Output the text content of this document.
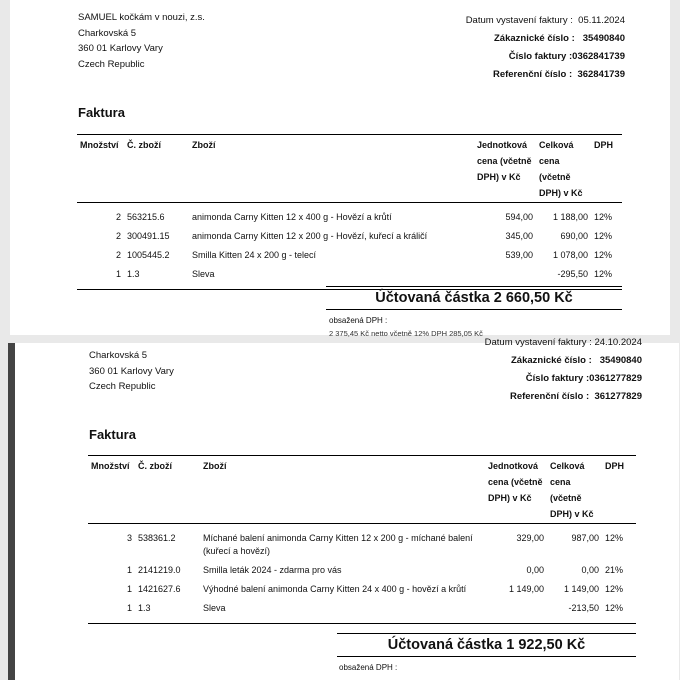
SAMUEL kočkám v nouzi, z.s.
Charkovská 5
360 01 Karlovy Vary
Czech Republic
Datum vystavení faktury : 05.11.2024
Zákaznické číslo : 35490840
Číslo faktury :0362841739
Referenční číslo : 362841739
Faktura
Množství	Č. zboží	Zboží	Jednotková cena (včetně DPH) v Kč	Celková cena (včetně DPH) v Kč	DPH
2	563215.6	animonda Carny Kitten 12 x 400 g - Hovězí a krůtí	594,00	1 188,00	12%
2	300491.15	animonda Carny Kitten 12 x 200 g - Hovězí, kuřecí a králičí	345,00	690,00	12%
2	1005445.2	Smilla Kitten 24 x 200 g - telecí	539,00	1 078,00	12%
1	1.3	Sleva		-295,50	12%
Účtovaná částka 2 660,50 Kč
obsažená DPH :
2 375,45 Kč netto včetně 12% DPH 285,05 Kč
Datum vystavení faktury : 24.10.2024
Zákaznické číslo : 35490840
Číslo faktury :0361277829
Referenční číslo : 361277829
Charkovská 5
360 01 Karlovy Vary
Czech Republic
Faktura
Množství	Č. zboží	Zboží	Jednotková cena (včetně DPH) v Kč	Celková cena (včetně DPH) v Kč	DPH
3	538361.2	Míchané balení animonda Carny Kitten 12 x 200 g - míchané balení (kuřecí a hovězí)	329,00	987,00	12%
1	2141219.0	Smilla leták 2024 - zdarma pro vás	0,00	0,00	21%
1	1421627.6	Výhodné balení animonda Carny Kitten 24 x 400 g - hovězí a krůtí	1 149,00	1 149,00	12%
1	1.3	Sleva		-213,50	12%
Účtovaná částka 1 922,50 Kč
obsažená DPH :
